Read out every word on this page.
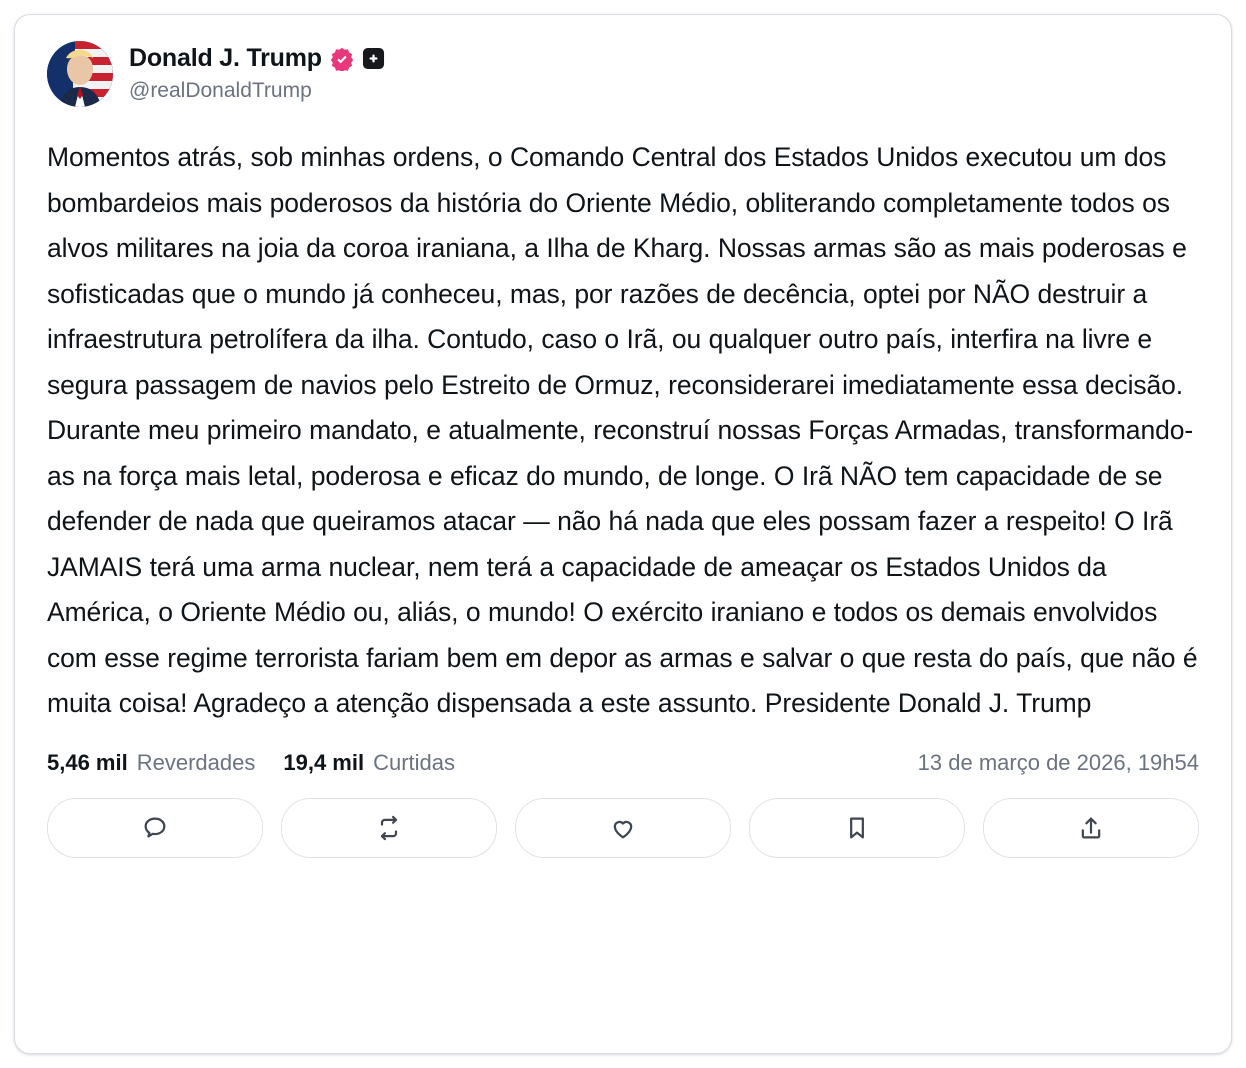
Donald J. Trump
@realDonaldTrump
Momentos atrás, sob minhas ordens, o Comando Central dos Estados Unidos executou um dos bombardeios mais poderosos da história do Oriente Médio, obliterando completamente todos os alvos militares na joia da coroa iraniana, a Ilha de Kharg. Nossas armas são as mais poderosas e sofisticadas que o mundo já conheceu, mas, por razões de decência, optei por NÃO destruir a infraestrutura petrolífera da ilha. Contudo, caso o Irã, ou qualquer outro país, interfira na livre e segura passagem de navios pelo Estreito de Ormuz, reconsiderarei imediatamente essa decisão. Durante meu primeiro mandato, e atualmente, reconstruí nossas Forças Armadas, transformando-as na força mais letal, poderosa e eficaz do mundo, de longe. O Irã NÃO tem capacidade de se defender de nada que queiramos atacar — não há nada que eles possam fazer a respeito! O Irã JAMAIS terá uma arma nuclear, nem terá a capacidade de ameaçar os Estados Unidos da América, o Oriente Médio ou, aliás, o mundo! O exército iraniano e todos os demais envolvidos com esse regime terrorista fariam bem em depor as armas e salvar o que resta do país, que não é muita coisa! Agradeço a atenção dispensada a este assunto. Presidente Donald J. Trump
5,46 mil Reverdades 19,4 mil Curtidas	13 de março de 2026, 19h54
